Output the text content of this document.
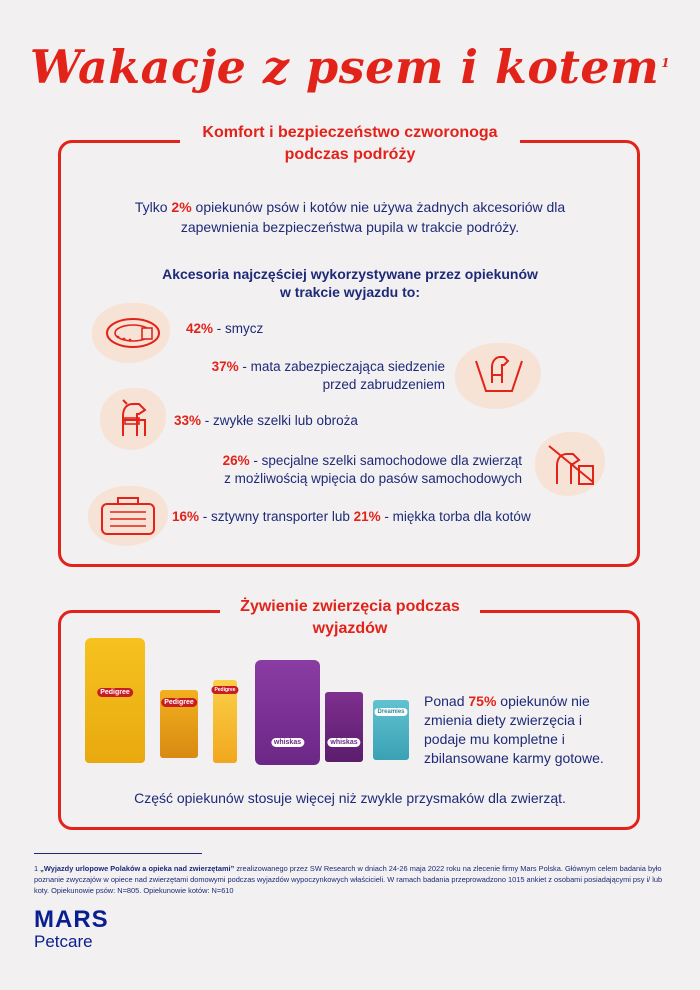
Wakacje z psem i kotem $^1$
Komfort i bezpieczeństwo czworonoga
podczas podróży
Tylko 2% opiekunów psów i kotów nie używa żadnych akcesoriów dla zapewnienia bezpieczeństwa pupila w trakcie podróży.
Akcesoria najczęściej wykorzystywane przez opiekunów
w trakcie wyjazdu to:
42% - smycz
37% - mata zabezpieczająca siedzenie
przed zabrudzeniem
33% - zwykłe szelki lub obroża
26% - specjalne szelki samochodowe dla zwierząt
z możliwością wpięcia do pasów samochodowych
16% - sztywny transporter lub 21% - miękka torba dla kotów
Żywienie zwierzęcia podczas
wyjazdów
Pedigree
Pedigree
Pedigree
whiskas	whiskas
Dreamies
Ponad 75% opiekunów nie zmienia diety zwierzęcia i podaje mu kompletne i zbilansowane karmy gotowe.
Część opiekunów stosuje więcej niż zwykle przysmaków dla zwierząt.
1 „Wyjazdy urlopowe Polaków a opieka nad zwierzętami” zrealizowanego przez SW Research w dniach 24-26 maja 2022 roku na zlecenie firmy Mars Polska. Głównym celem badania było poznanie zwyczajów w opiece nad zwierzętami domowymi podczas wyjazdów wypoczynkowych właścicieli. W ramach badania przeprowadzono 1015 ankiet z osobami posiadającymi psy i/ lub koty. Opiekunowie psów: N=805. Opiekunowie kotów: N=610
MARS
Petcare
